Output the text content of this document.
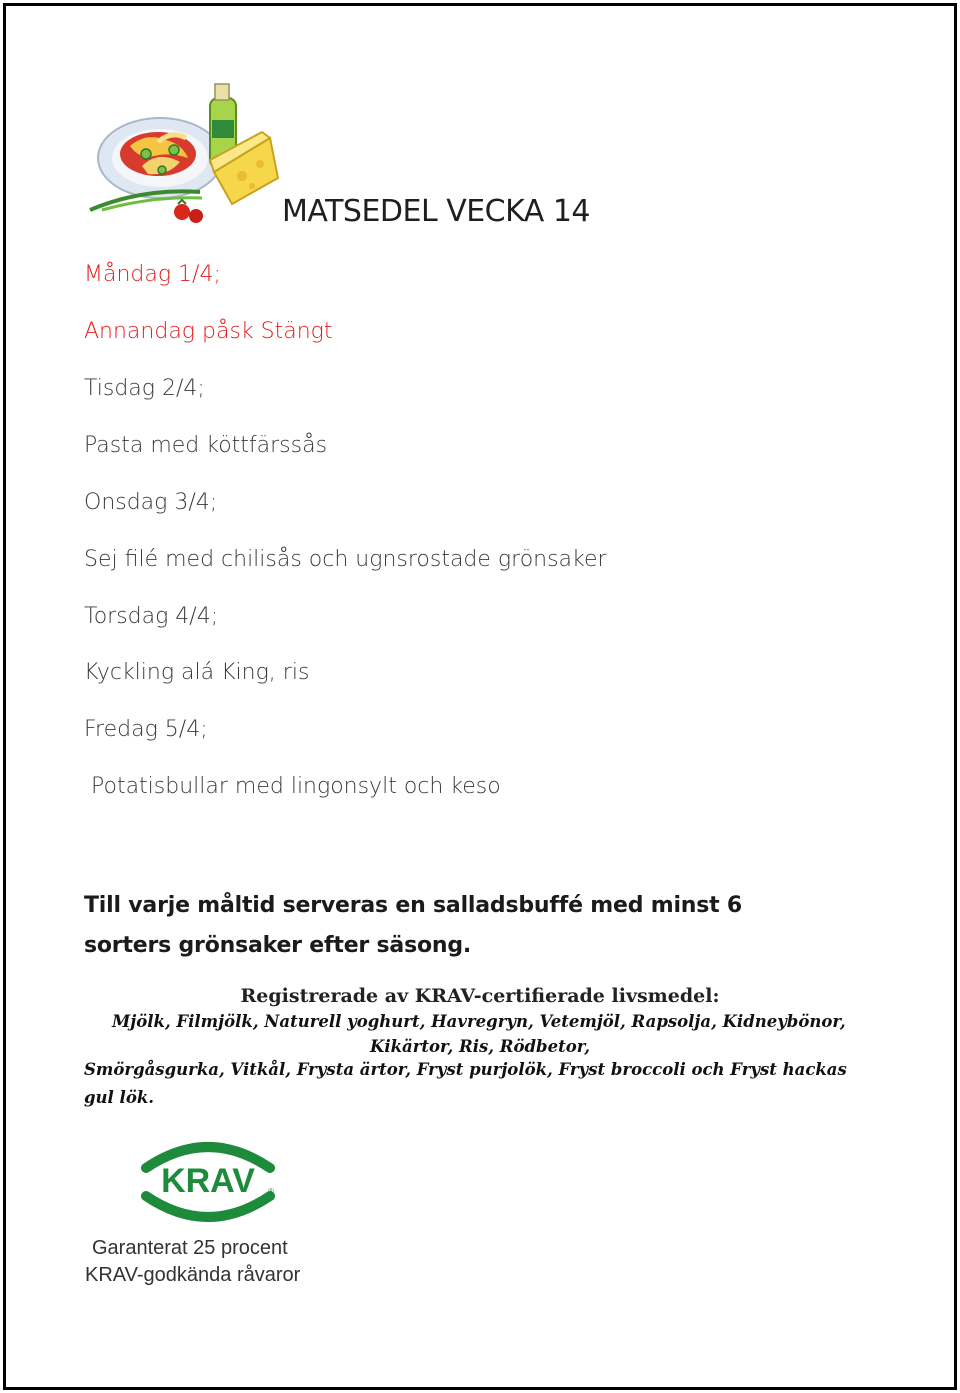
MATSEDEL VECKA 14
Måndag 1/4;
Annandag påsk Stängt
Tisdag 2/4;
Pasta med köttfärssås
Onsdag 3/4;
Sej filé med chilisås och ugnsrostade grönsaker
Torsdag 4/4;
Kyckling alá King, ris
Fredag 5/4;
Potatisbullar med lingonsylt och keso
Till varje måltid serveras en salladsbuffé med minst 6 sorters grönsaker efter säsong.
Registrerade av KRAV-certifierade livsmedel:
Mjölk, Filmjölk, Naturell yoghurt, Havregryn, Vetemjöl, Rapsolja, Kidneybönor,
Kikärtor, Ris, Rödbetor,
Smörgåsgurka, Vitkål, Frysta ärtor, Fryst purjolök, Fryst broccoli och Fryst hackas
gul lök.
KRAV ®
Garanterat 25 procent
KRAV-godkända råvaror
